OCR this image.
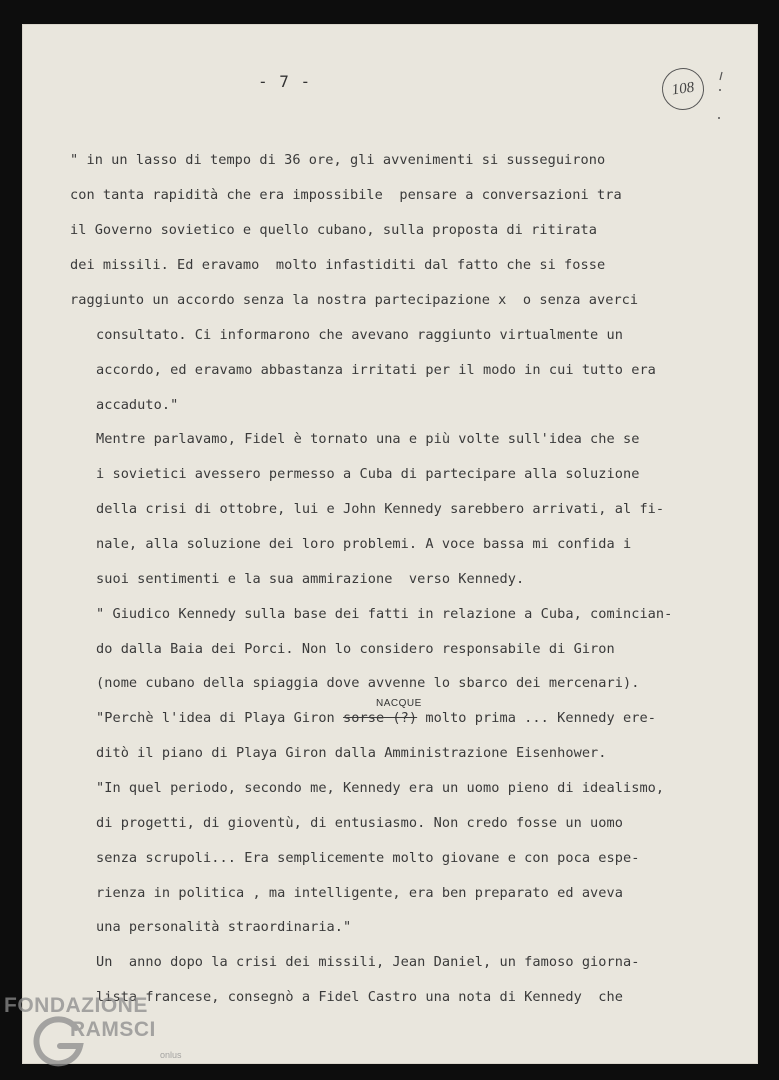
- 7 -	108
" in un lasso di tempo di 36 ore, gli avvenimenti si susseguirono
con tanta rapidità che era impossibile  pensare a conversazioni tra
il Governo sovietico e quello cubano, sulla proposta di ritirata
dei missili. Ed eravamo  molto infastiditi dal fatto che si fosse
raggiunto un accordo senza la nostra partecipazione x  o senza averci
consultato. Ci informarono che avevano raggiunto virtualmente un
accordo, ed eravamo abbastanza irritati per il modo in cui tutto era
accaduto."
Mentre parlavamo, Fidel è tornato una e più volte sull'idea che se
i sovietici avessero permesso a Cuba di partecipare alla soluzione
della crisi di ottobre, lui e John Kennedy sarebbero arrivati, al fi-
nale, alla soluzione dei loro problemi. A voce bassa mi confida i
suoi sentimenti e la sua ammirazione  verso Kennedy.
" Giudico Kennedy sulla base dei fatti in relazione a Cuba, comincian-
do dalla Baia dei Porci. Non lo considero responsabile di Giron
(nome cubano della spiaggia dove avvenne lo sbarco dei mercenari).
"Perchè l'idea di Playa Giron sorse (?) molto prima ... Kennedy ere-
NACQUE
ditò il piano di Playa Giron dalla Amministrazione Eisenhower.
"In quel periodo, secondo me, Kennedy era un uomo pieno di idealismo,
di progetti, di gioventù, di entusiasmo. Non credo fosse un uomo
senza scrupoli... Era semplicemente molto giovane e con poca espe-
rienza in politica , ma intelligente, era ben preparato ed aveva
una personalità straordinaria."
Un  anno dopo la crisi dei missili, Jean Daniel, un famoso giorna-
lista francese, consegnò a Fidel Castro una nota di Kennedy  che
FONDAZIONE
RAMSCI
onlus
